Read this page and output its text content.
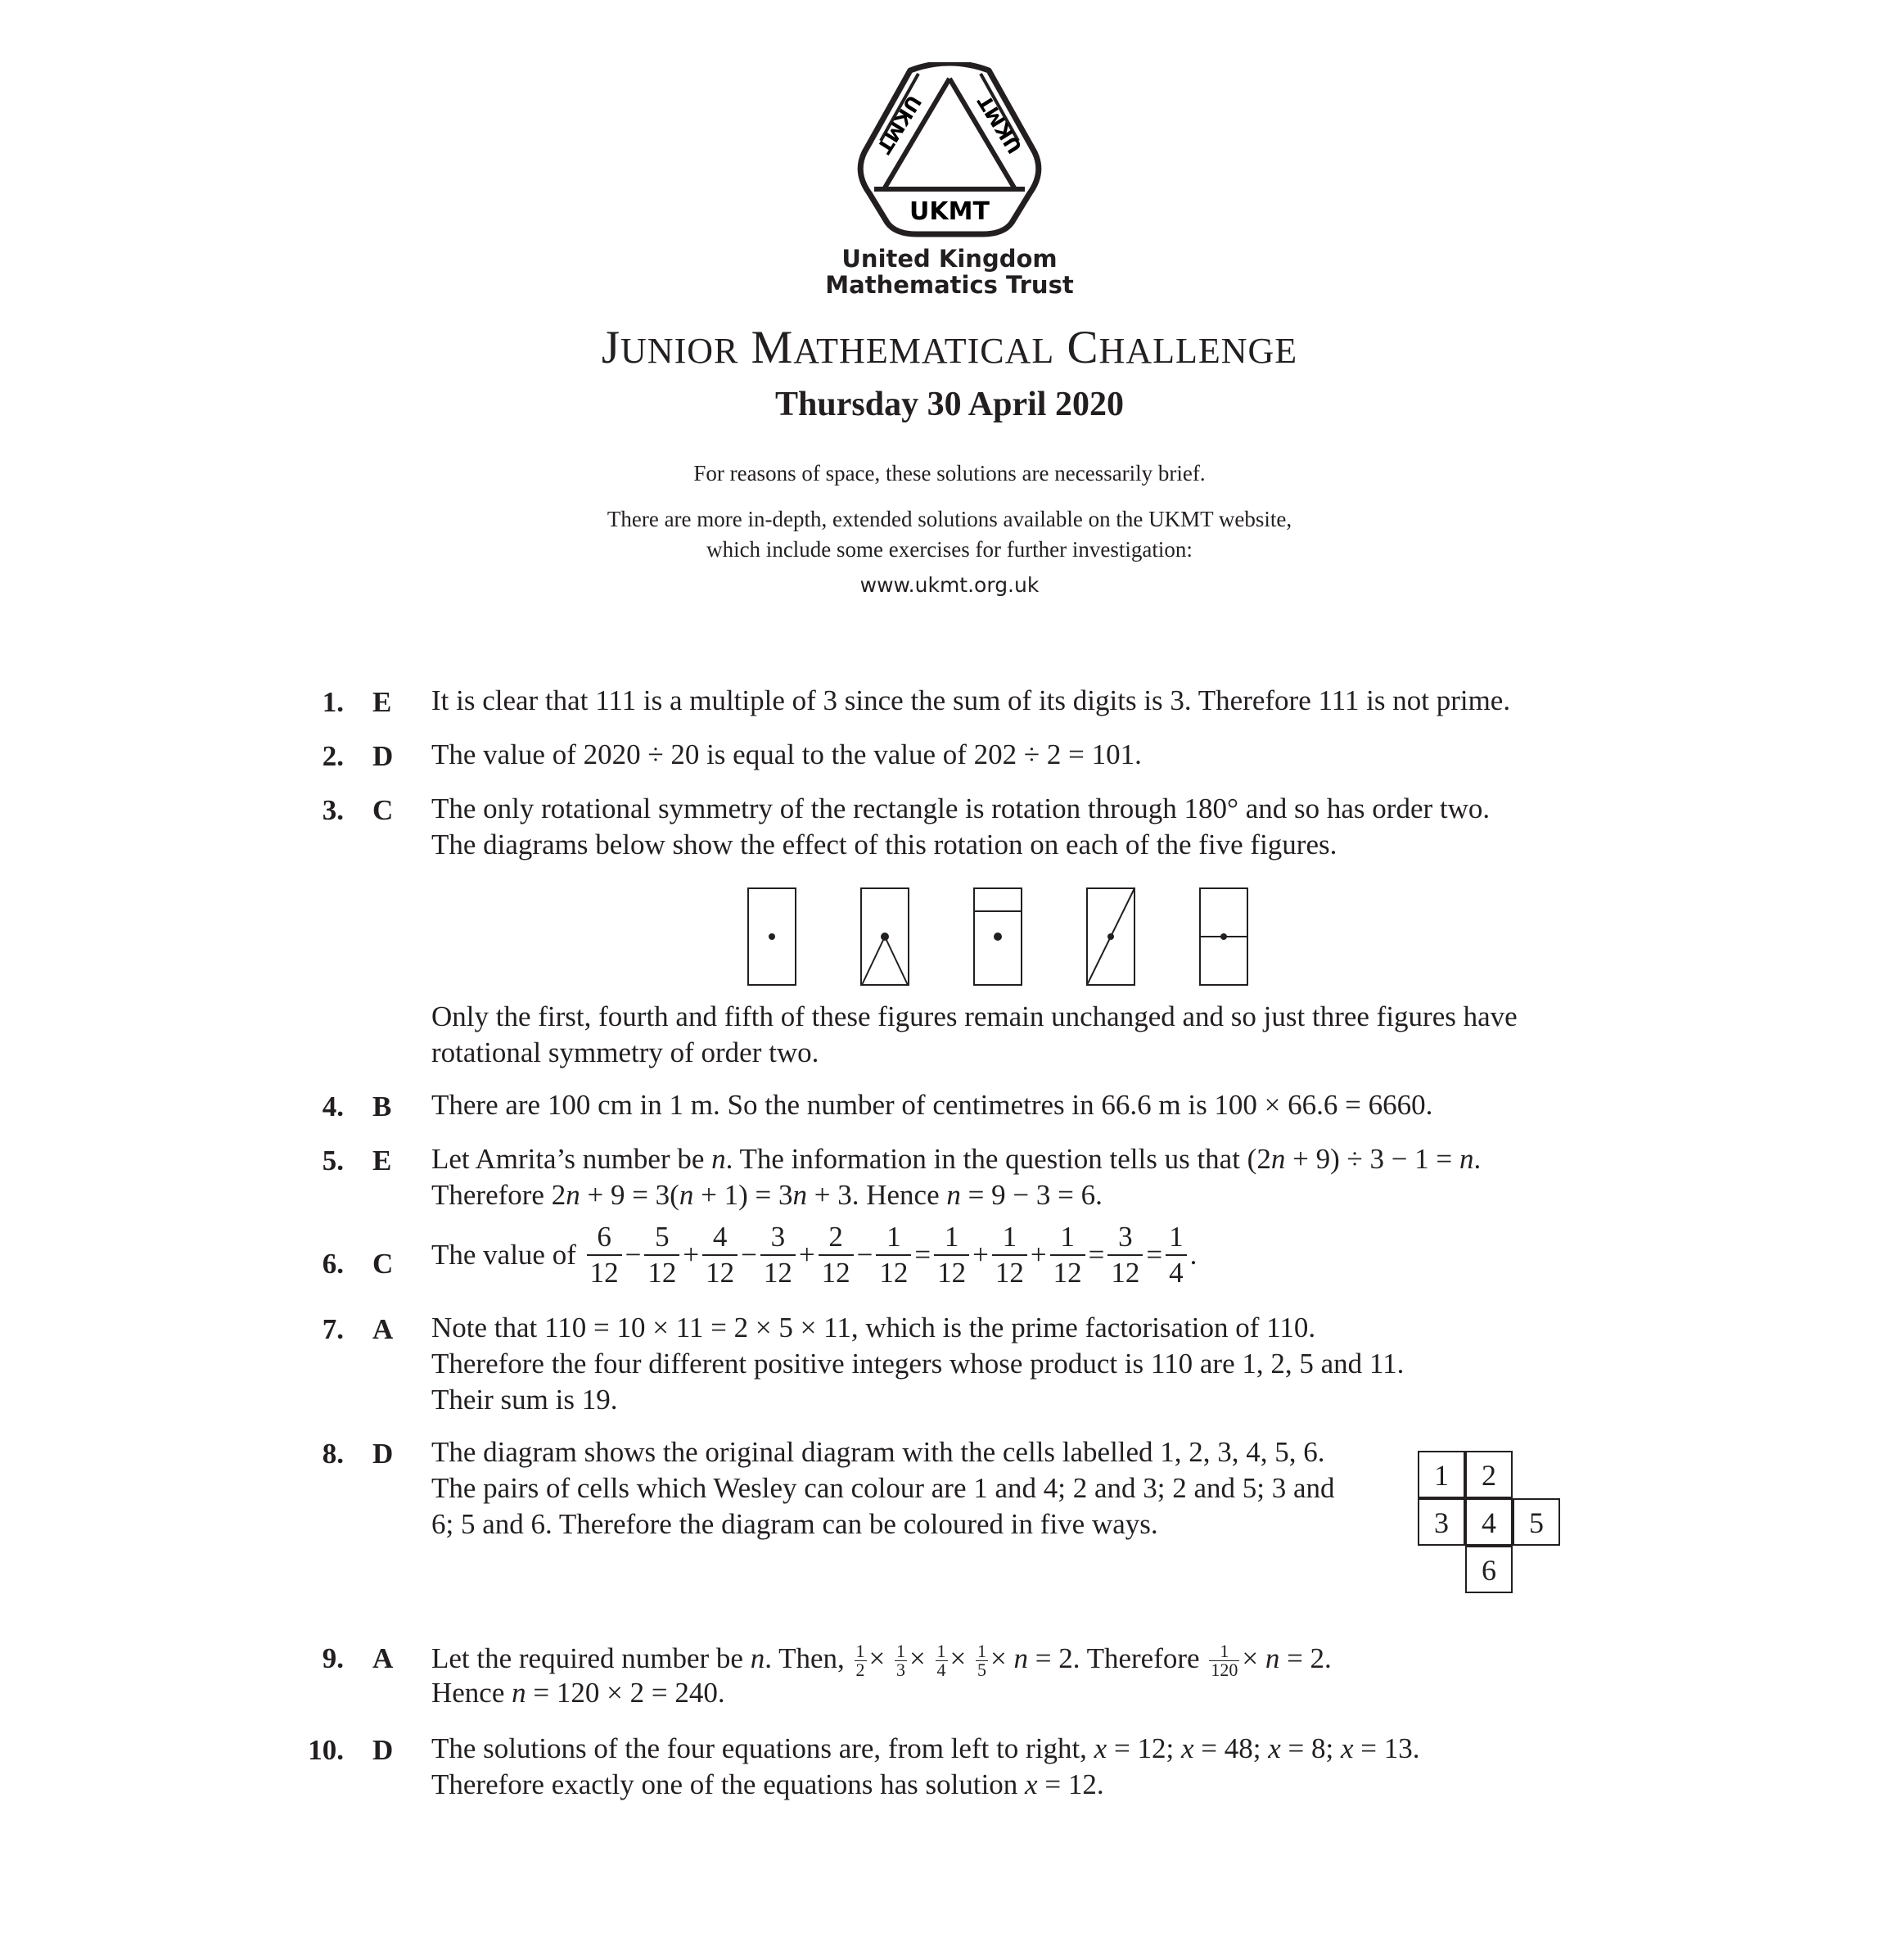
UKMT UKMT
UKMT
United Kingdom
Mathematics Trust
JUNIOR MATHEMATICAL CHALLENGE
Thursday 30 April 2020
For reasons of space, these solutions are necessarily brief.
There are more in-depth, extended solutions available on the UKMT website,
which include some exercises for further investigation:
www.ukmt.org.uk
1. E It is clear that 111 is a multiple of 3 since the sum of its digits is 3. Therefore 111 is not prime.
2. D The value of 2020 ÷ 20 is equal to the value of 202 ÷ 2 = 101.
3. C The only rotational symmetry of the rectangle is rotation through 180° and so has order two.
The diagrams below show the effect of this rotation on each of the five figures.
Only the first, fourth and fifth of these figures remain unchanged and so just three figures have
rotational symmetry of order two.
4. B There are 100 cm in 1 m. So the number of centimetres in 66.6 m is 100 × 66.6 = 6660.
5. E Let Amrita’s number be n. The information in the question tells us that (2n + 9) ÷ 3 − 1 = n.
Therefore 2n + 9 = 3(n + 1) = 3n + 3. Hence n = 9 − 3 = 6.
6. C The value of $\frac{6}{12} - \frac{5}{12} + \frac{4}{12} - \frac{3}{12} + \frac{2}{12} - \frac{1}{12} = \frac{1}{12} + \frac{1}{12} + \frac{1}{12} = \frac{3}{12} = \frac{1}{4}$ .
7. A Note that 110 = 10 × 11 = 2 × 5 × 11, which is the prime factorisation of 110.
Therefore the four different positive integers whose product is 110 are 1, 2, 5 and 11.
Their sum is 19.
8. D The diagram shows the original diagram with the cells labelled 1, 2, 3, 4, 5, 6.
The pairs of cells which Wesley can colour are 1 and 4; 2 and 3; 2 and 5; 3 and
6; 5 and 6. Therefore the diagram can be coloured in five ways.
1	2
3	4	5
6
9. A Let the required number be n. Then, $\frac{1}{2} \times \frac{1}{3} \times \frac{1}{4} \times \frac{1}{5} \times n = 2$. Therefore $\frac{1}{120} \times n = 2$.
Hence n = 120 × 2 = 240.
10. D The solutions of the four equations are, from left to right, x = 12; x = 48; x = 8; x = 13.
Therefore exactly one of the equations has solution x = 12.
